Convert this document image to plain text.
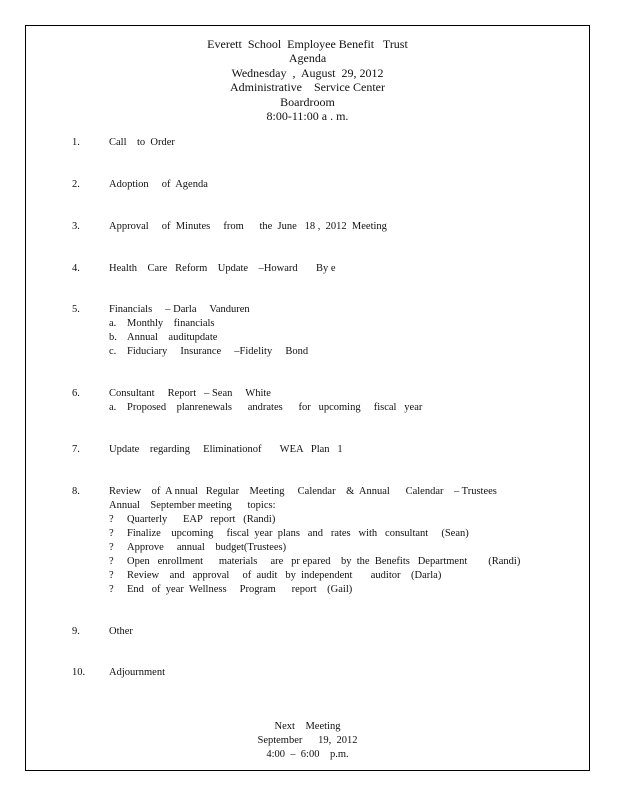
Everett  School  Employee Benefit   Trust
Agenda
Wednesday  ,  August  29, 2012
Administrative    Service Center
Boardroom
8:00-11:00 a . m.
1.	Call    to  Order
2.	Adoption     of  Agenda
3.	Approval     of  Minutes     from      the  June   18 ,  2012  Meeting
4.	Health    Care   Reform    Update    –Howard       By e
5.	Financials     – Darla     Vanduren
a.	Monthly    financials
b. Annual    auditupdate
c.	Fiduciary     Insurance     –Fidelity     Bond
6.	Consultant     Report   – Sean     White
a.	Proposed    planrenewals      andrates      for   upcoming     fiscal   year
7.	Update    regarding     Eliminationof       WEA   Plan   1
8.	Review    of  A nnual   Regular    Meeting     Calendar    &  Annual      Calendar    – Trustees
Annual    September meeting      topics:
?	Quarterly      EAP   report   (Randi)
?	Finalize    upcoming     fiscal  year  plans   and   rates   with   consultant     (Sean)
?	Approve     annual    budget(Trustees)
?	Open   enrollment      materials     are   pr epared    by  the  Benefits   Department        (Randi)
?	Review    and   approval     of  audit   by  independent       auditor    (Darla)
?	End   of  year  Wellness     Program      report    (Gail)
9.	Other
10. Adjournment
Next    Meeting
September      19,  2012
4:00  –  6:00    p.m.
